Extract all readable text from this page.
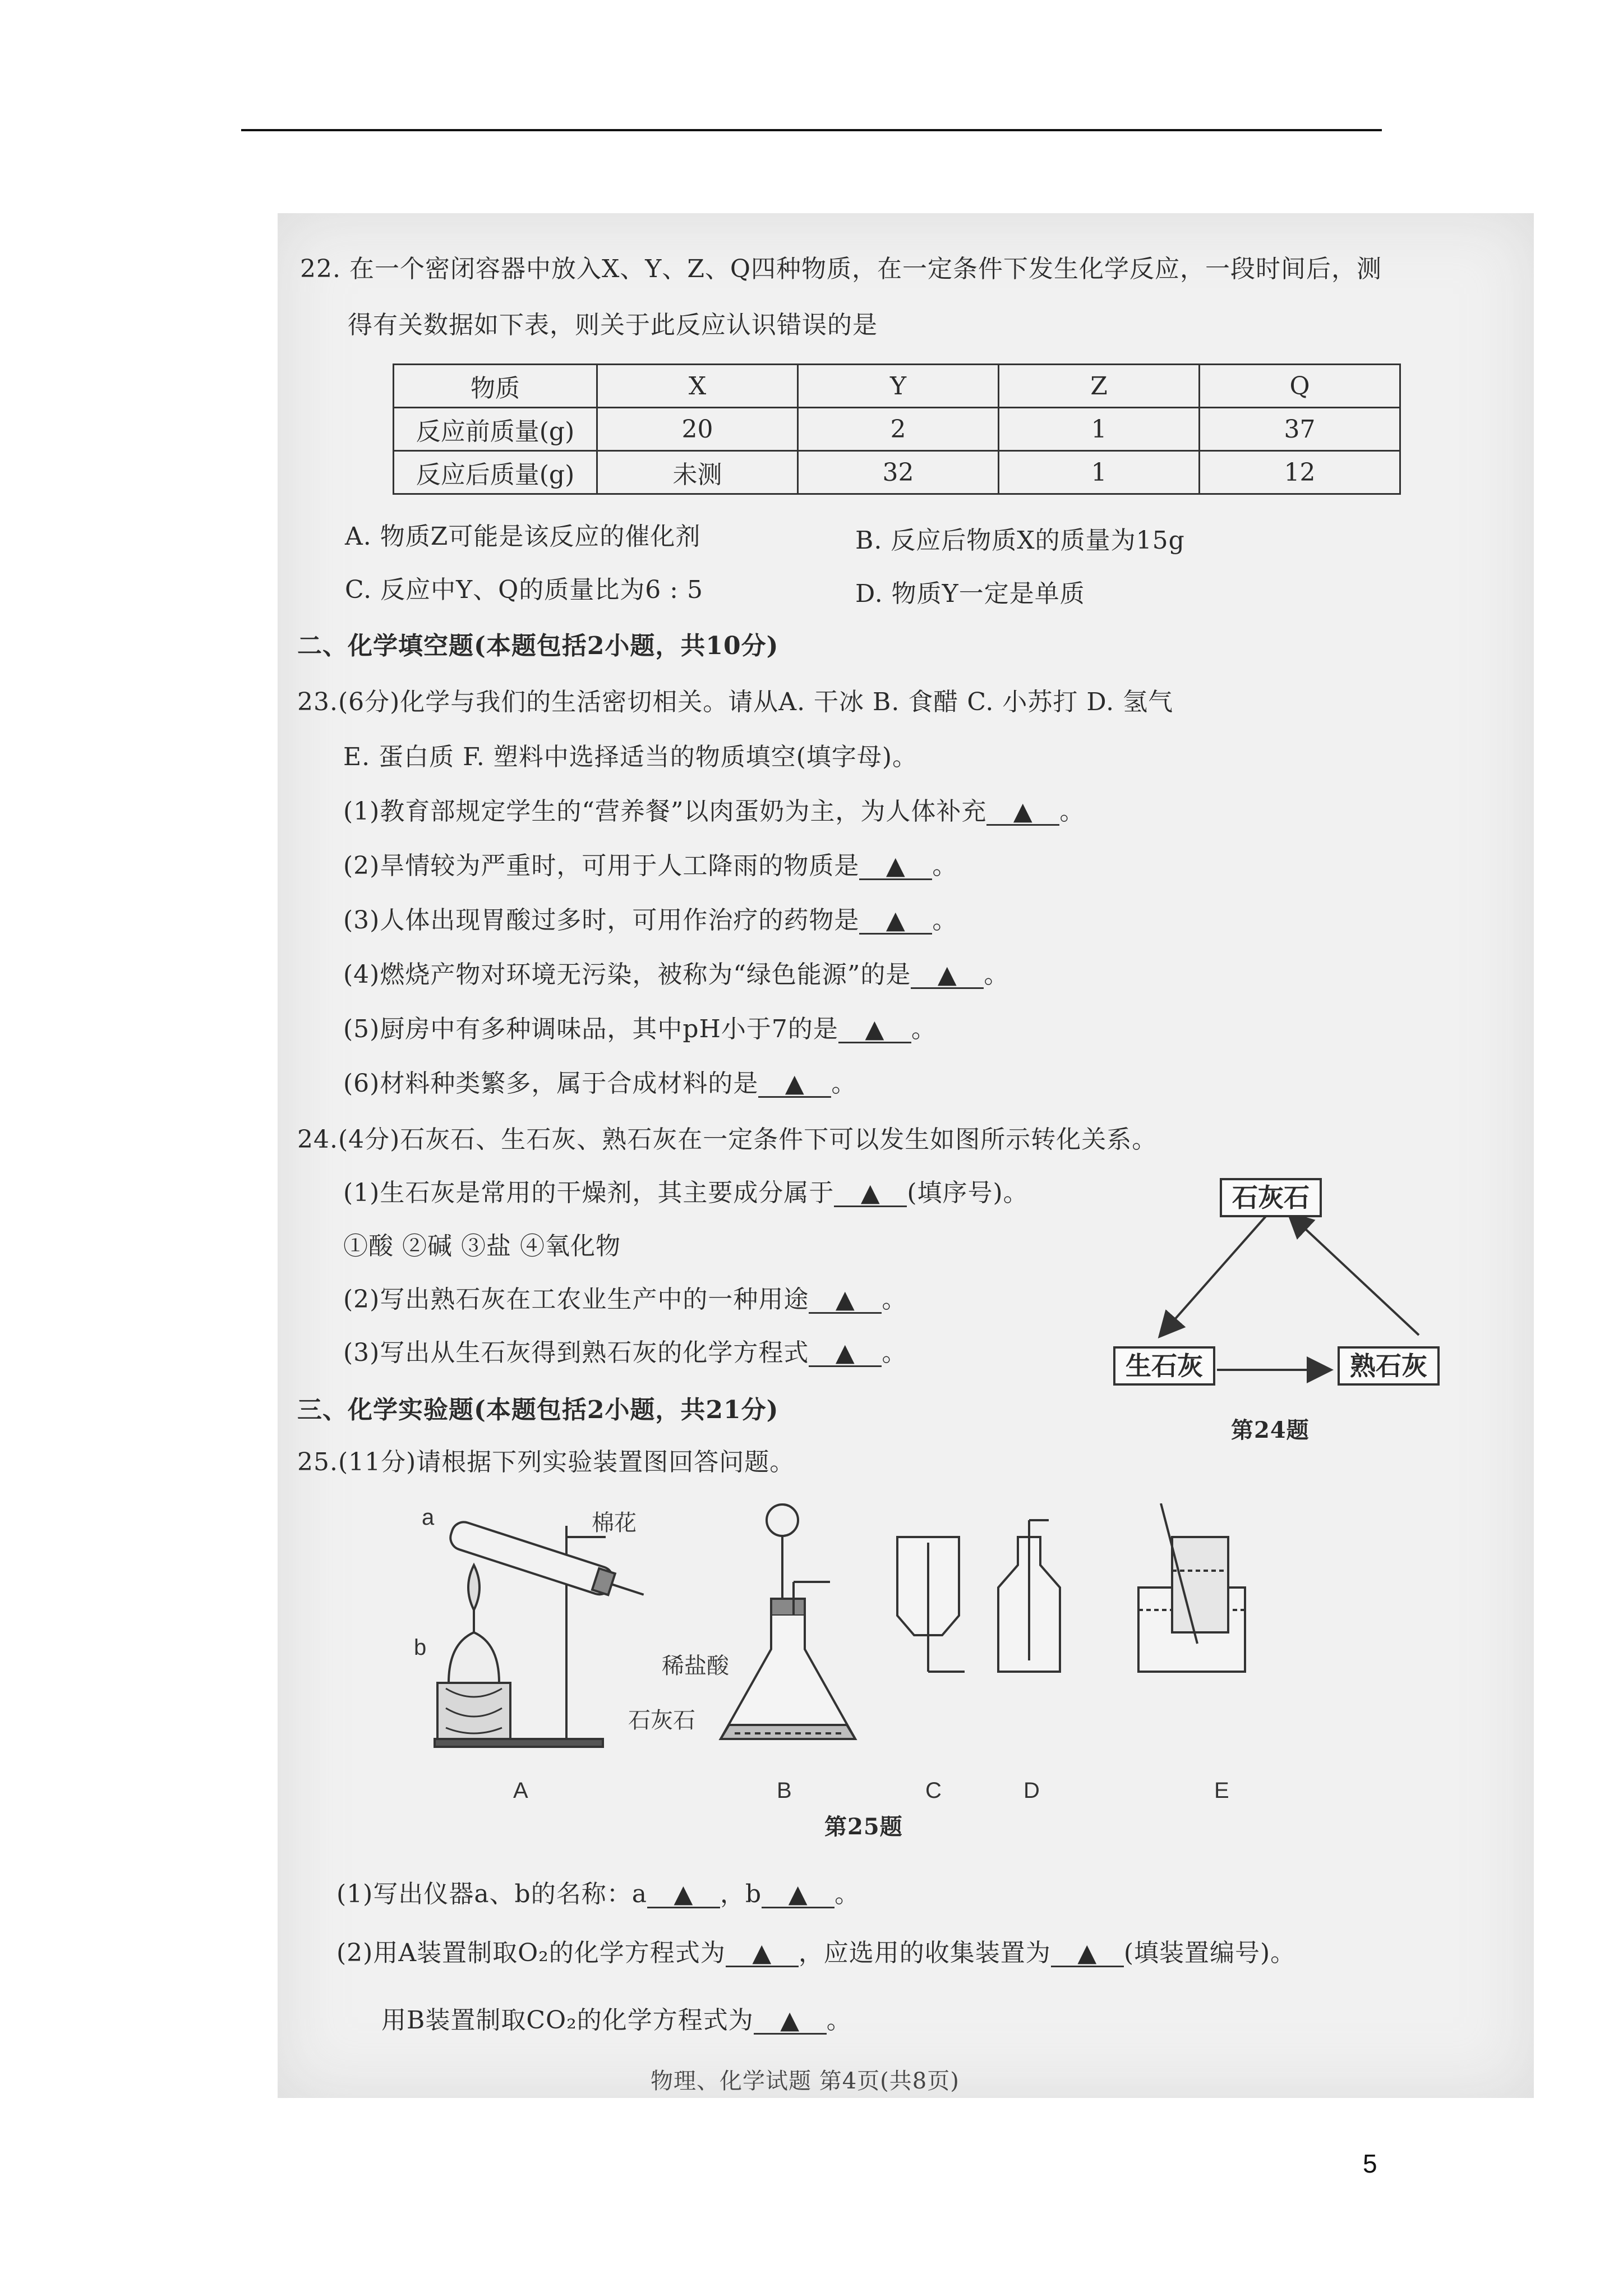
22. 在一个密闭容器中放入X、Y、Z、Q四种物质，在一定条件下发生化学反应，一段时间后，测
得有关数据如下表，则关于此反应认识错误的是
物质	X	Y	Z	Q
反应前质量(g)	20	2	1	37
反应后质量(g)	未测	32	1	12
A. 物质Z可能是该反应的催化剂	B. 反应后物质X的质量为15g
C. 反应中Y、Q的质量比为6 : 5	D. 物质Y一定是单质
二、化学填空题(本题包括2小题，共10分)
23.(6分)化学与我们的生活密切相关。请从A. 干冰 B. 食醋 C. 小苏打 D. 氢气
E. 蛋白质 F. 塑料中选择适当的物质填空(填字母)。
(1)教育部规定学生的“营养餐”以肉蛋奶为主，为人体补充 ▲ 。
(2)旱情较为严重时，可用于人工降雨的物质是 ▲ 。
(3)人体出现胃酸过多时，可用作治疗的药物是 ▲ 。
(4)燃烧产物对环境无污染，被称为“绿色能源”的是 ▲ 。
(5)厨房中有多种调味品，其中pH小于7的是 ▲ 。
(6)材料种类繁多，属于合成材料的是 ▲ 。
24.(4分)石灰石、生石灰、熟石灰在一定条件下可以发生如图所示转化关系。
(1)生石灰是常用的干燥剂，其主要成分属于 ▲ (填序号)。
①酸 ②碱 ③盐 ④氧化物
(2)写出熟石灰在工农业生产中的一种用途 ▲ 。
(3)写出从生石灰得到熟石灰的化学方程式 ▲ 。
石灰石
生石灰	熟石灰
第24题
三、化学实验题(本题包括2小题，共21分)
25.(11分)请根据下列实验装置图回答问题。
a	棉花
b
稀盐酸
石灰石
A	B	C	D	E
第25题
(1)写出仪器a、b的名称：a ▲ ，b ▲ 。
(2)用A装置制取O₂的化学方程式为 ▲ ，应选用的收集装置为 ▲ (填装置编号)。
用B装置制取CO₂的化学方程式为 ▲ 。
物理、化学试题 第4页(共8页)
5
